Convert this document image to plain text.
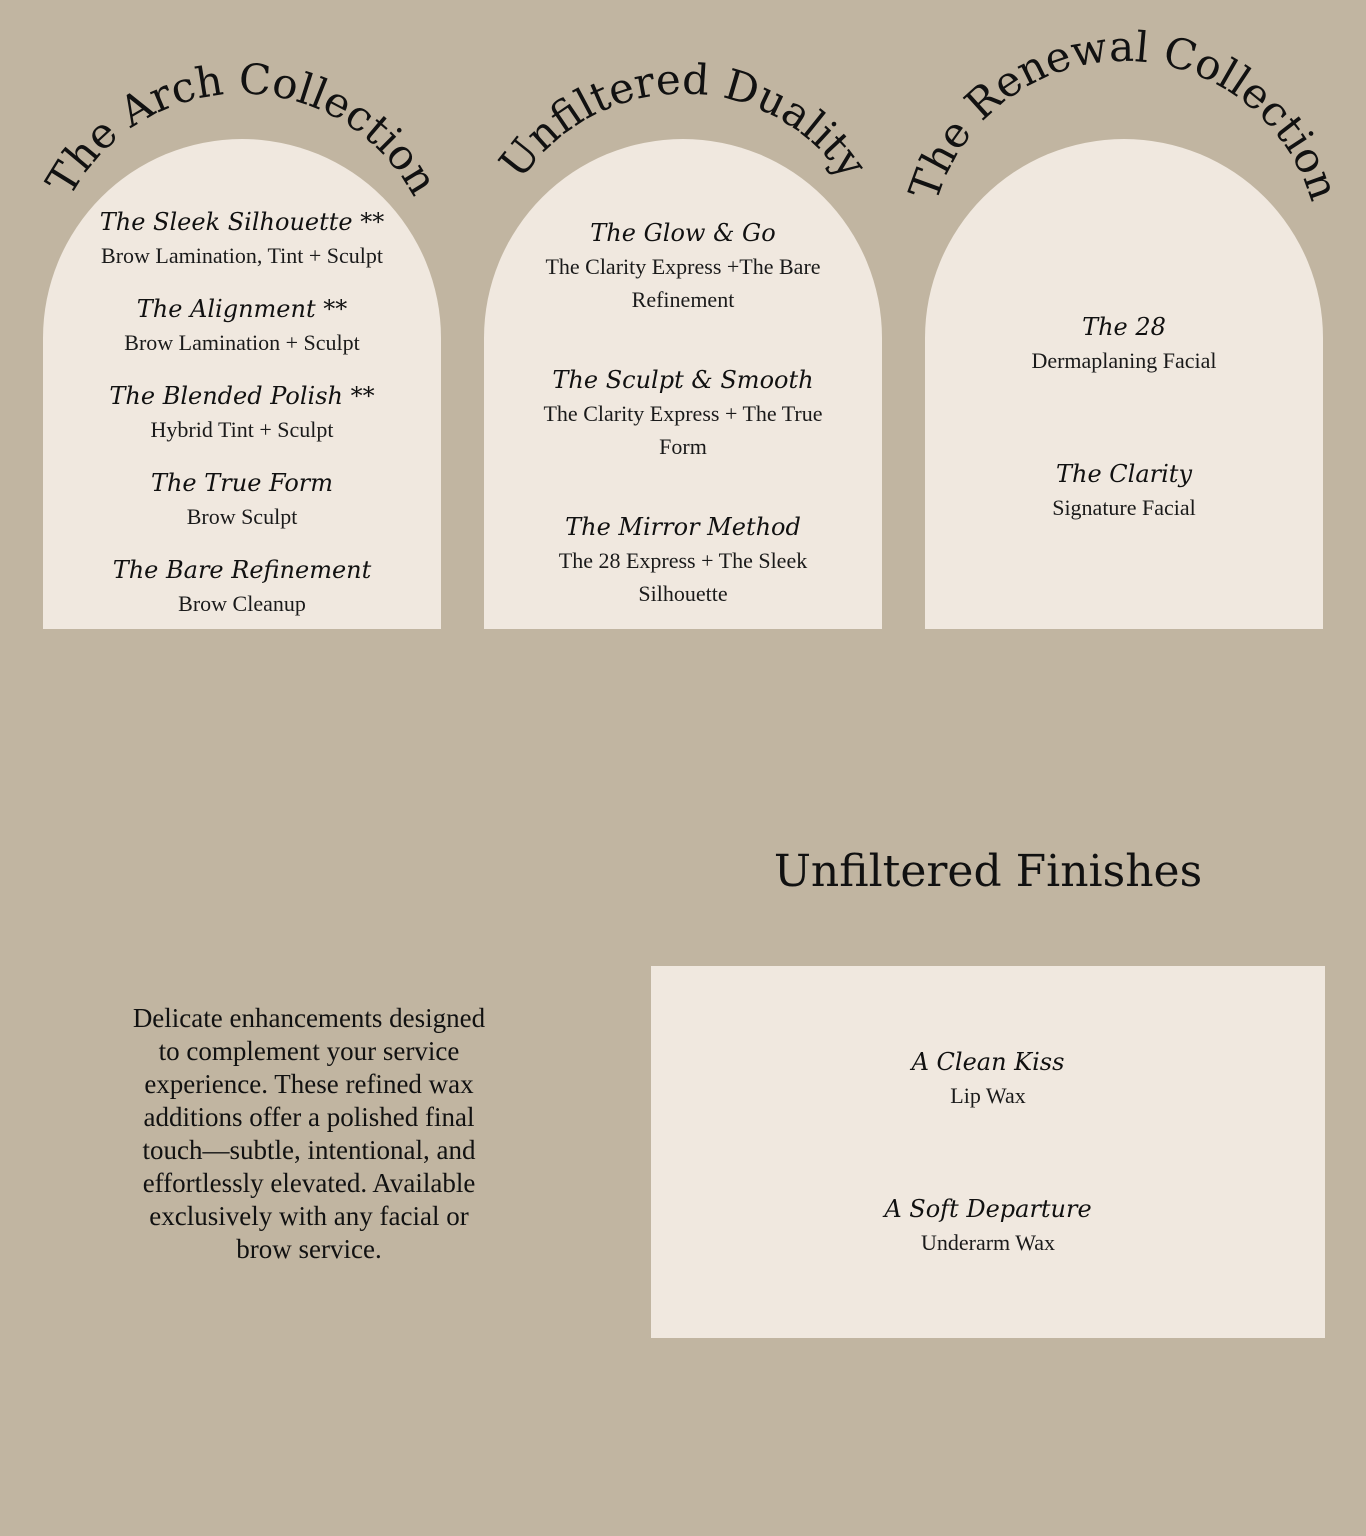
The Arch Collection
The Sleek Silhouette **
Brow Lamination, Tint + Sculpt
The Alignment **
Brow Lamination + Sculpt
The Blended Polish **
Hybrid Tint + Sculpt
The True Form
Brow Sculpt
The Bare Refinement
Brow Cleanup
Unfiltered Duality
The Glow & Go
The Clarity Express +The Bare Refinement
The Sculpt & Smooth
The Clarity Express + The True Form
The Mirror Method
The 28 Express + The Sleek Silhouette
The Renewal Collection
The 28
Dermaplaning Facial
The Clarity
Signature Facial
Unfiltered Finishes

Delicate enhancements designed to complement your service experience. These refined wax additions offer a polished final touch—subtle, intentional, and effortlessly elevated. Available exclusively with any facial or brow service.

A Clean Kiss
Lip Wax
A Soft Departure
Underarm Wax
